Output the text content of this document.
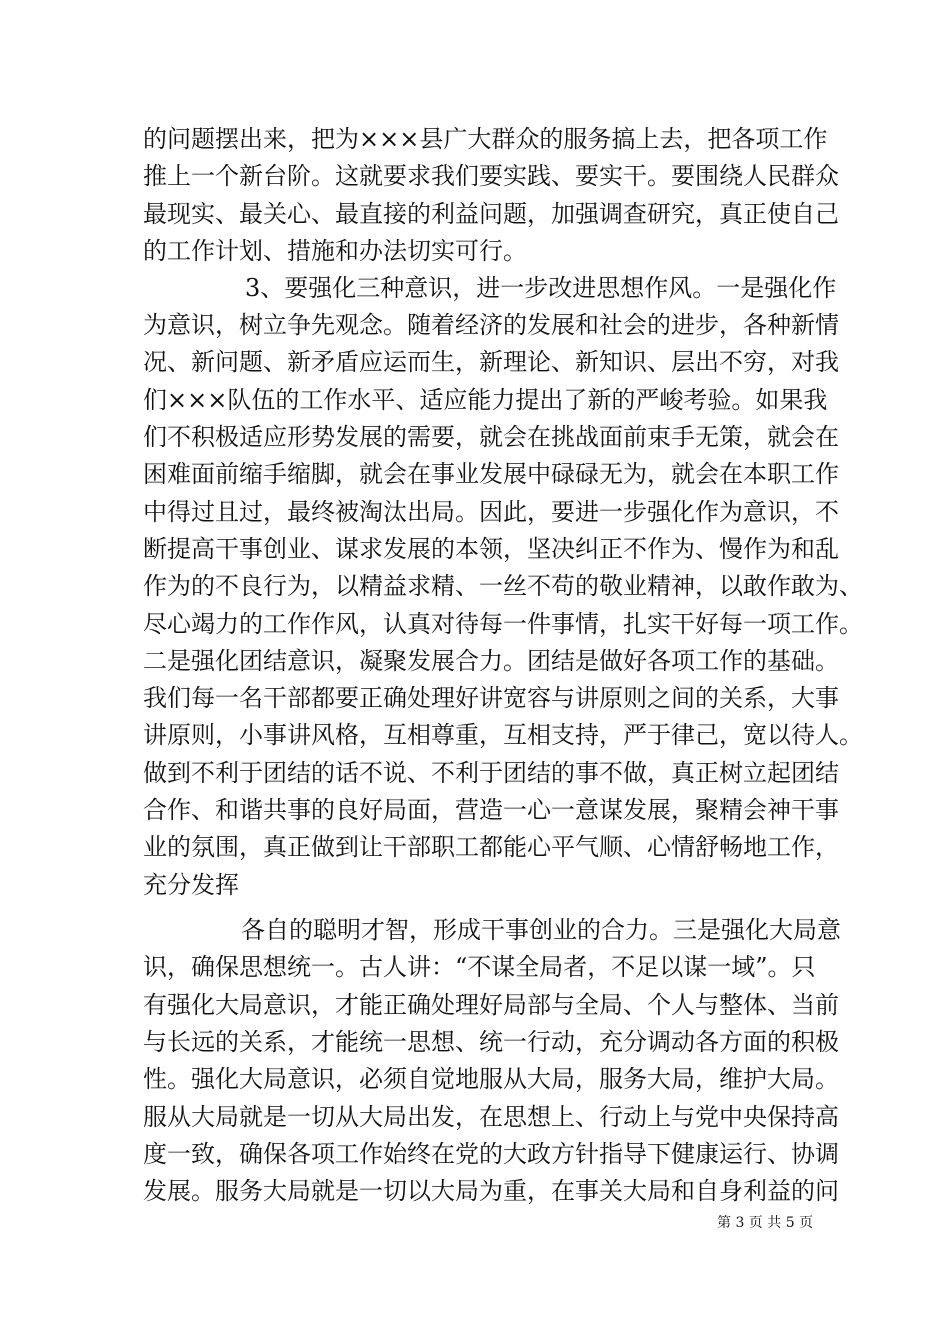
的问题摆出来，把为×××县广大群众的服务搞上去，把各项工作
推上一个新台阶。这就要求我们要实践、要实干。要围绕人民群众
最现实、最关心、最直接的利益问题，加强调查研究，真正使自己
的工作计划、措施和办法切实可行。
3、要强化三种意识，进一步改进思想作风。一是强化作
为意识，树立争先观念。随着经济的发展和社会的进步，各种新情
况、新问题、新矛盾应运而生，新理论、新知识、层出不穷，对我
们×××队伍的工作水平、适应能力提出了新的严峻考验。如果我
们不积极适应形势发展的需要，就会在挑战面前束手无策，就会在
困难面前缩手缩脚，就会在事业发展中碌碌无为，就会在本职工作
中得过且过，最终被淘汰出局。因此，要进一步强化作为意识，不
断提高干事创业、谋求发展的本领，坚决纠正不作为、慢作为和乱
作为的不良行为，以精益求精、一丝不苟的敬业精神，以敢作敢为、
尽心竭力的工作作风，认真对待每一件事情，扎实干好每一项工作。
二是强化团结意识，凝聚发展合力。团结是做好各项工作的基础。
我们每一名干部都要正确处理好讲宽容与讲原则之间的关系，大事
讲原则，小事讲风格，互相尊重，互相支持，严于律己，宽以待人。
做到不利于团结的话不说、不利于团结的事不做，真正树立起团结
合作、和谐共事的良好局面，营造一心一意谋发展，聚精会神干事
业的氛围，真正做到让干部职工都能心平气顺、心情舒畅地工作，
充分发挥
各自的聪明才智，形成干事创业的合力。三是强化大局意
识，确保思想统一。古人讲：“不谋全局者，不足以谋一域”。只
有强化大局意识，才能正确处理好局部与全局、个人与整体、当前
与长远的关系，才能统一思想、统一行动，充分调动各方面的积极
性。强化大局意识，必须自觉地服从大局，服务大局，维护大局。
服从大局就是一切从大局出发，在思想上、行动上与党中央保持高
度一致，确保各项工作始终在党的大政方针指导下健康运行、协调
发展。服务大局就是一切以大局为重，在事关大局和自身利益的问
第 3 页 共 5 页
